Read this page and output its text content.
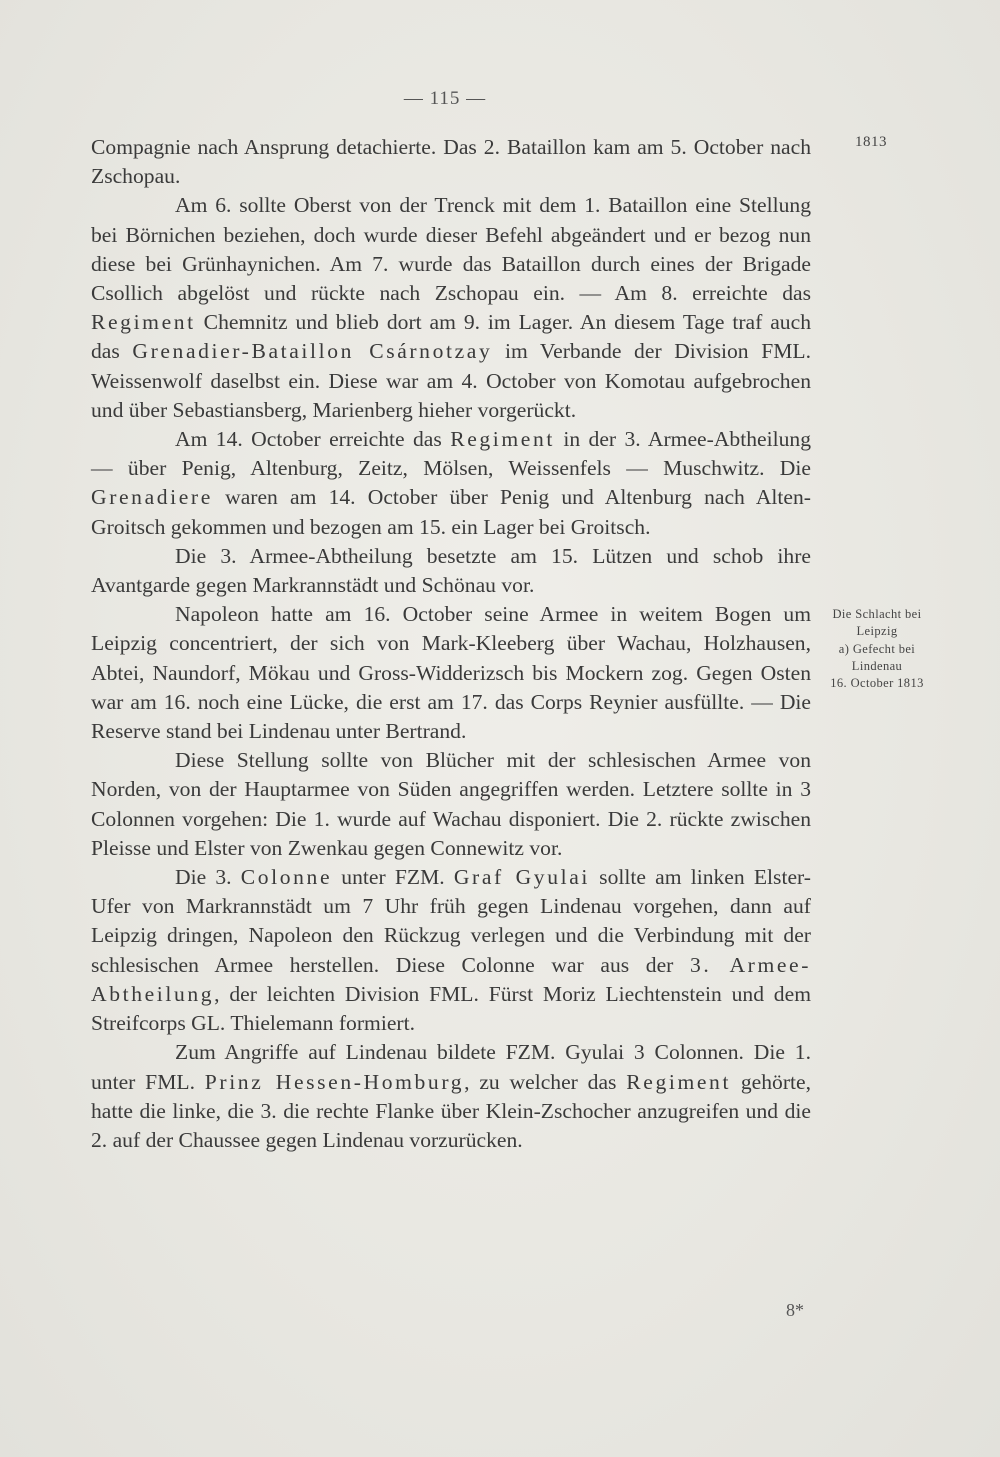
— 115 —
1813
Die Schlacht bei
Leipzig
a) Gefecht bei
Lindenau
16. October 1813

Compagnie nach Ansprung detachierte. Das 2. Bataillon kam am 5. October nach Zschopau.

Am 6. sollte Oberst von der Trenck mit dem 1. Bataillon eine Stellung bei Börnichen beziehen, doch wurde dieser Befehl abgeändert und er bezog nun diese bei Grünhaynichen. Am 7. wurde das Bataillon durch eines der Brigade Csollich abgelöst und rückte nach Zschopau ein. — Am 8. erreichte das Regiment Chemnitz und blieb dort am 9. im Lager. An diesem Tage traf auch das Grenadier-Bataillon Csárnotzay im Verbande der Division FML. Weissenwolf daselbst ein. Diese war am 4. October von Komotau aufgebrochen und über Sebastiansberg, Marienberg hieher vorgerückt.

Am 14. October erreichte das Regiment in der 3. Armee-Abtheilung — über Penig, Altenburg, Zeitz, Mölsen, Weissenfels — Muschwitz. Die Grenadiere waren am 14. October über Penig und Altenburg nach Alten-Groitsch gekommen und bezogen am 15. ein Lager bei Groitsch.

Die 3. Armee-Abtheilung besetzte am 15. Lützen und schob ihre Avantgarde gegen Markrannstädt und Schönau vor.

Napoleon hatte am 16. October seine Armee in weitem Bogen um Leipzig concentriert, der sich von Mark-Kleeberg über Wachau, Holzhausen, Abtei, Naundorf, Mökau und Gross-Widderizsch bis Mockern zog. Gegen Osten war am 16. noch eine Lücke, die erst am 17. das Corps Reynier ausfüllte. — Die Reserve stand bei Lindenau unter Bertrand.

Diese Stellung sollte von Blücher mit der schlesischen Armee von Norden, von der Hauptarmee von Süden angegriffen werden. Letztere sollte in 3 Colonnen vorgehen: Die 1. wurde auf Wachau disponiert. Die 2. rückte zwischen Pleisse und Elster von Zwenkau gegen Connewitz vor.

Die 3. Colonne unter FZM. Graf Gyulai sollte am linken Elster-Ufer von Markrannstädt um 7 Uhr früh gegen Lindenau vorgehen, dann auf Leipzig dringen, Napoleon den Rückzug verlegen und die Verbindung mit der schlesischen Armee herstellen. Diese Colonne war aus der 3. Armee-Abtheilung, der leichten Division FML. Fürst Moriz Liechtenstein und dem Streifcorps GL. Thielemann formiert.

Zum Angriffe auf Lindenau bildete FZM. Gyulai 3 Colonnen. Die 1. unter FML. Prinz Hessen-Homburg, zu welcher das Regiment gehörte, hatte die linke, die 3. die rechte Flanke über Klein-Zschocher anzugreifen und die 2. auf der Chaussee gegen Lindenau vorzurücken.

8*
